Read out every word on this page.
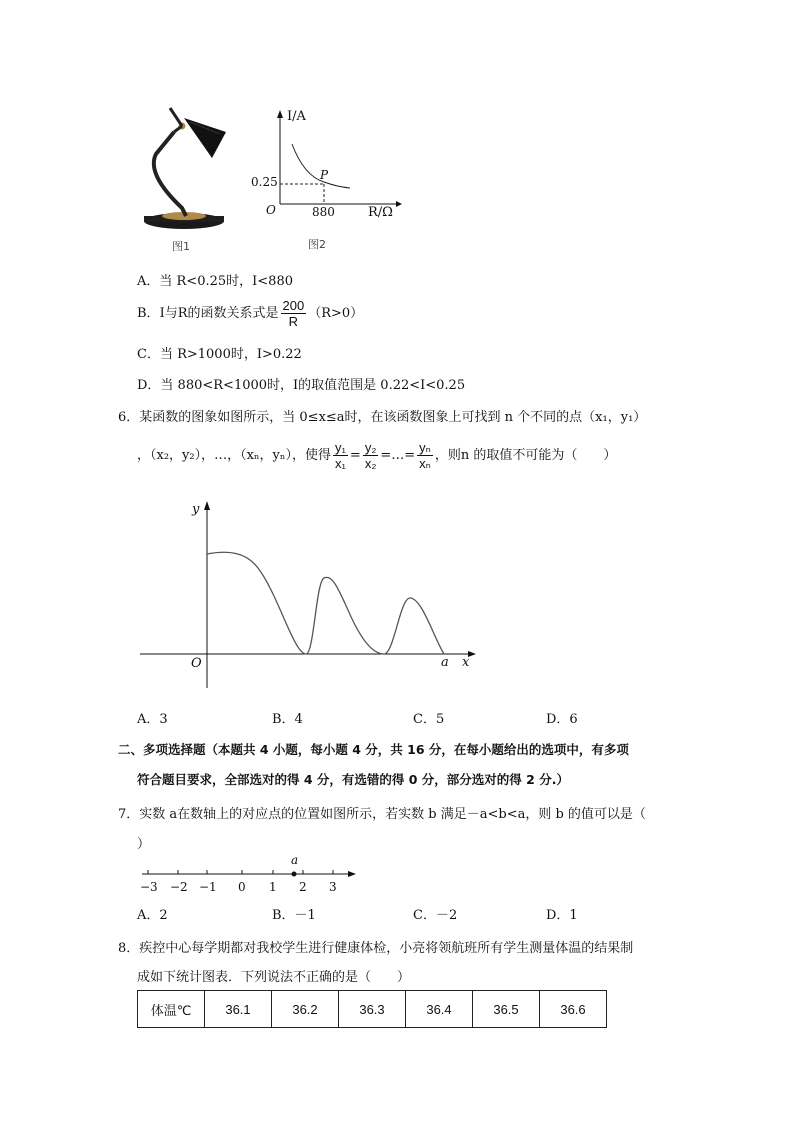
图1
I/A
R/Ω
O
0.25
880
P
图2
A．当 R<0.25时，I<880
B．I与R的函数关系式是 $\frac{200}{R} (R>0)$
C．当 R>1000时，I>0.22
D．当 880<R<1000时，I的取值范围是 0.22<I<0.25
6．某函数的图象如图所示，当 0≤x≤a时，在该函数图象上可找到 n 个不同的点（x₁，y₁）
，（x₂，y₂），…，（xₙ，yₙ），使得 $\frac{\text{y₁}}{\text{x₁}} = \frac{\text{y₂}}{\text{x₂}}$ =…= $\frac{\text{yₙ}}{\text{xₙ}}$ ，则n 的取值不可能为（　　）
y
x
O	a
A．3	B．4	C．5	D．6
二、多项选择题（本题共 4 小题，每小题 4 分，共 16 分，在每小题给出的选项中，有多项
符合题目要求，全部选对的得 4 分，有选错的得 0 分，部分选对的得 2 分.）
7．实数 a在数轴上的对应点的位置如图所示，若实数 b 满足－a<b<a，则 b 的值可以是（
）
a
−3 −2 −1 0 1 2 3
A．2	B．－1	C．－2	D．1
8．疾控中心每学期都对我校学生进行健康体检，小亮将领航班所有学生测量体温的结果制
成如下统计图表．下列说法不正确的是（　　）
体温℃	36.1	36.2	36.3	36.4	36.5	36.6
